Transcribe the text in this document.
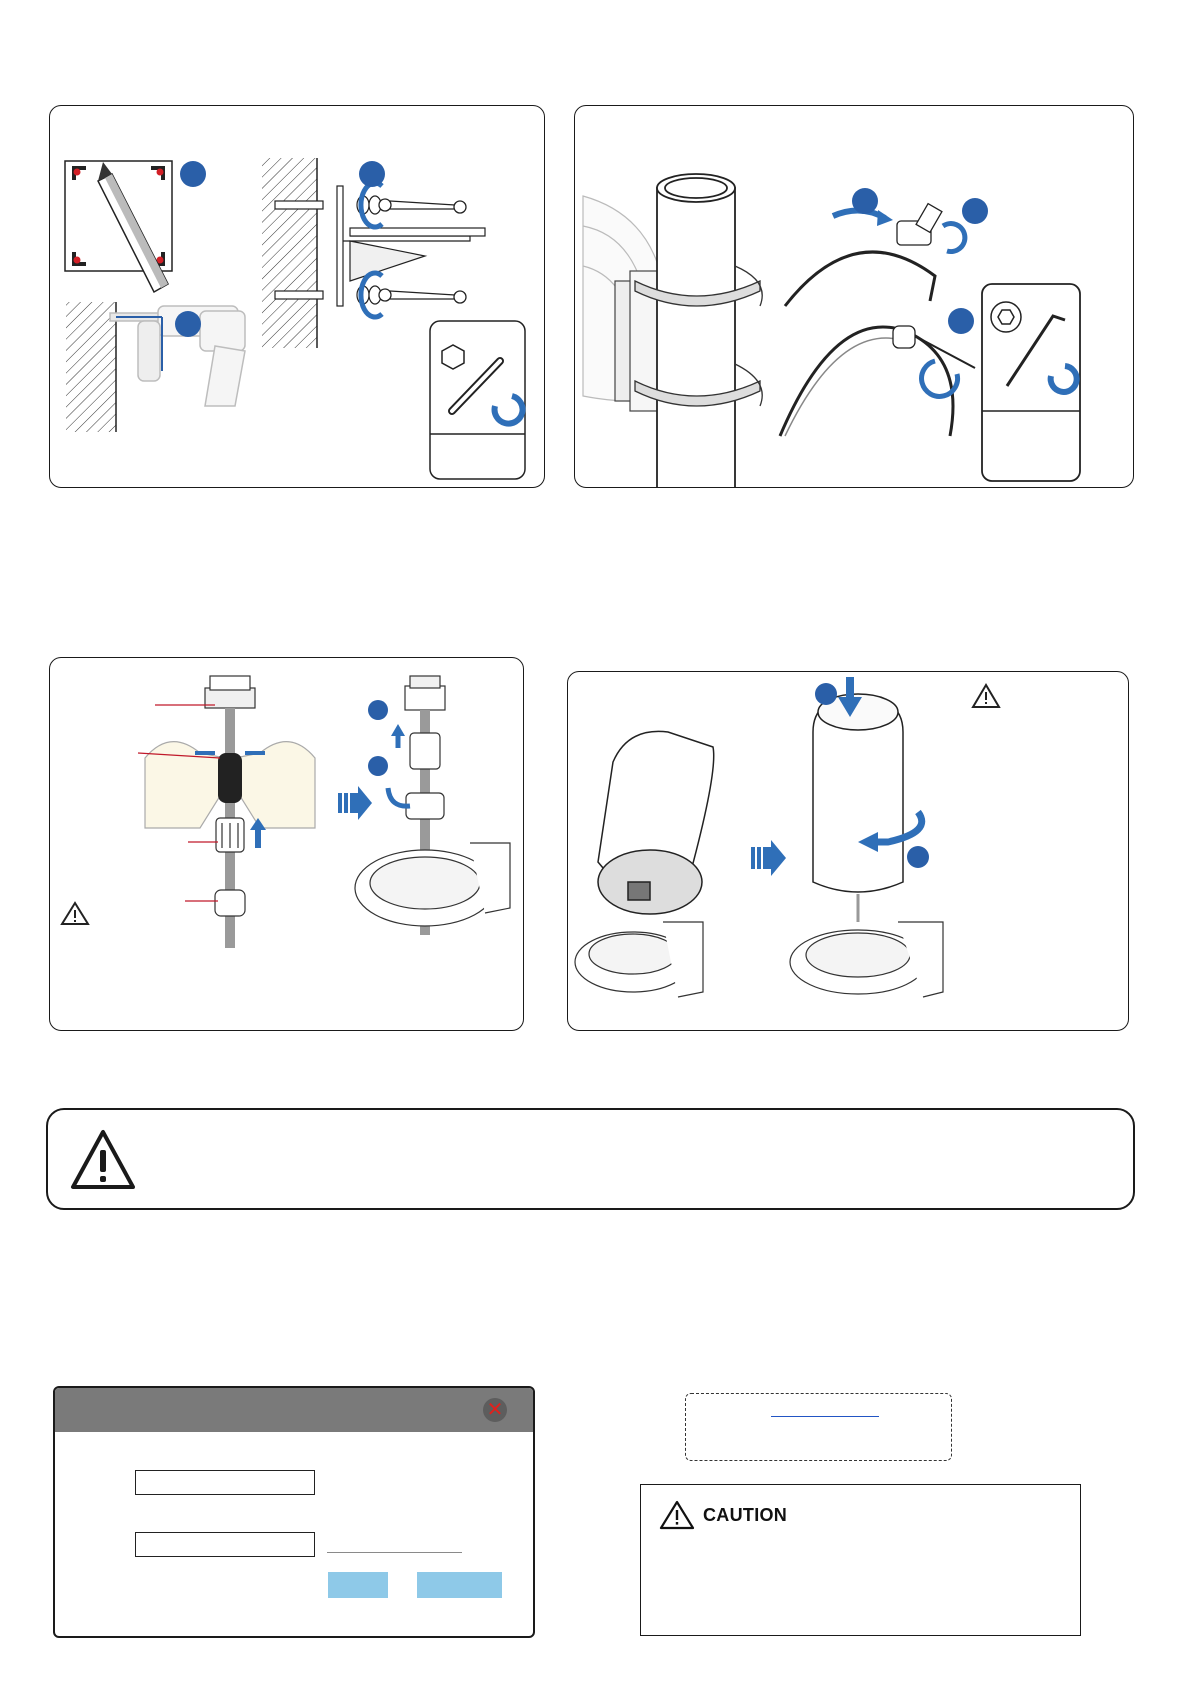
✕
CAUTION
